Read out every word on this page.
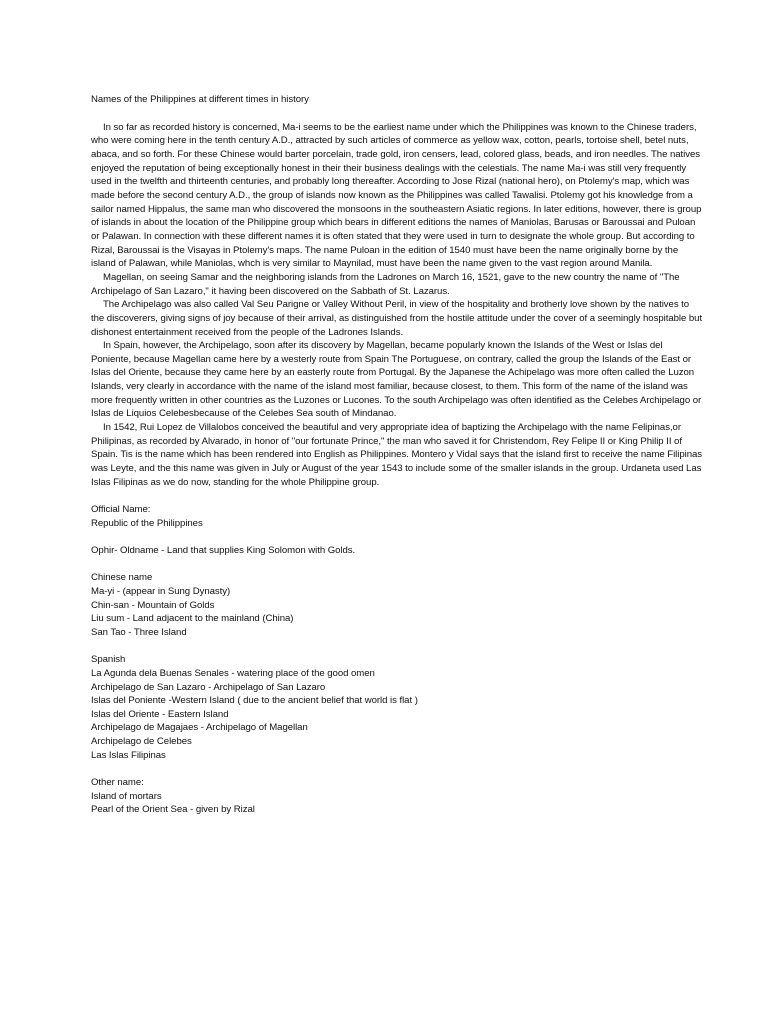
Names of the Philippines at different times in history

In so far as recorded history is concerned, Ma-i seems to be the earliest name under which the Philippines was known to the Chinese traders, who were coming here in the tenth century A.D., attracted by such articles of commerce as yellow wax, cotton, pearls, tortoise shell, betel nuts, abaca, and so forth. For these Chinese would barter porcelain, trade gold, iron censers, lead, colored glass, beads, and iron needles. The natives enjoyed the reputation of being exceptionally honest in their their business dealings with the celestials. The name Ma-i was still very frequently used in the twelfth and thirteenth centuries, and probably long thereafter. According to Jose Rizal (national hero), on Ptolemy's map, which was made before the second century A.D., the group of islands now known as the Philippines was called Tawalisi. Ptolemy got his knowledge from a sailor named Hippalus, the same man who discovered the monsoons in the southeastern Asiatic regions. In later editions, however, there is group of islands in about the location of the Philippine group which bears in different editions the names of Maniolas, Barusas or Baroussai and Puloan or Palawan. In connection with these different names it is often stated that they were used in turn to designate the whole group. But according to Rizal, Baroussai is the Visayas in Ptolemy's maps. The name Puloan in the edition of 1540 must have been the name originally borne by the island of Palawan, while Maniolas, whch is very similar to Maynilad, must have been the name given to the vast region around Manila.

Magellan, on seeing Samar and the neighboring islands from the Ladrones on March 16, 1521, gave to the new country the name of "The Archipelago of San Lazaro," it having been discovered on the Sabbath of St. Lazarus.

The Archipelago was also called Val Seu Parigne or Valley Without Peril, in view of the hospitality and brotherly love shown by the natives to the discoverers, giving signs of joy because of their arrival, as distinguished from the hostile attitude under the cover of a seemingly hospitable but dishonest entertainment received from the people of the Ladrones Islands.

In Spain, however, the Archipelago, soon after its discovery by Magellan, became popularly known the Islands of the West or Islas del Poniente, because Magellan came here by a westerly route from Spain The Portuguese, on contrary, called the group the Islands of the East or Islas del Oriente, because they came here by an easterly route from Portugal. By the Japanese the Achipelago was more often called the Luzon Islands, very clearly in accordance with the name of the island most familiar, because closest, to them. This form of the name of the island was more frequently written in other countries as the Luzones or Lucones. To the south Archipelago was often identified as the Celebes Archipelago or Islas de Liquios Celebesbecause of the Celebes Sea south of Mindanao.

In 1542, Rui Lopez de Villalobos conceived the beautiful and very appropriate idea of baptizing the Archipelago with the name Felipinas,or Philipinas, as recorded by Alvarado, in honor of "our fortunate Prince," the man who saved it for Christendom, Rey Felipe II or King Philip II of Spain. Tis is the name which has been rendered into English as Philippines. Montero y Vidal says that the island first to receive the name Filipinas was Leyte, and the this name was given in July or August of the year 1543 to include some of the smaller islands in the group. Urdaneta used Las Islas Filipinas as we do now, standing for the whole Philippine group.

Official Name:
Republic of the Philippines
Ophir- Oldname - Land that supplies King Solomon with Golds.
Chinese name
Ma-yi - (appear in Sung Dynasty)
Chin-san - Mountain of Golds
Liu sum - Land adjacent to the mainland (China)
San Tao - Three Island
Spanish
La Agunda dela Buenas Senales - watering place of the good omen
Archipelago de San Lazaro - Archipelago of San Lazaro
Islas del Poniente -Western Island ( due to the ancient belief that world is flat )
Islas del Oriente - Eastern Island
Archipelago de Magajaes - Archipelago of Magellan
Archipelago de Celebes
Las Islas Filipinas
Other name:
Island of mortars
Pearl of the Orient Sea - given by Rizal
